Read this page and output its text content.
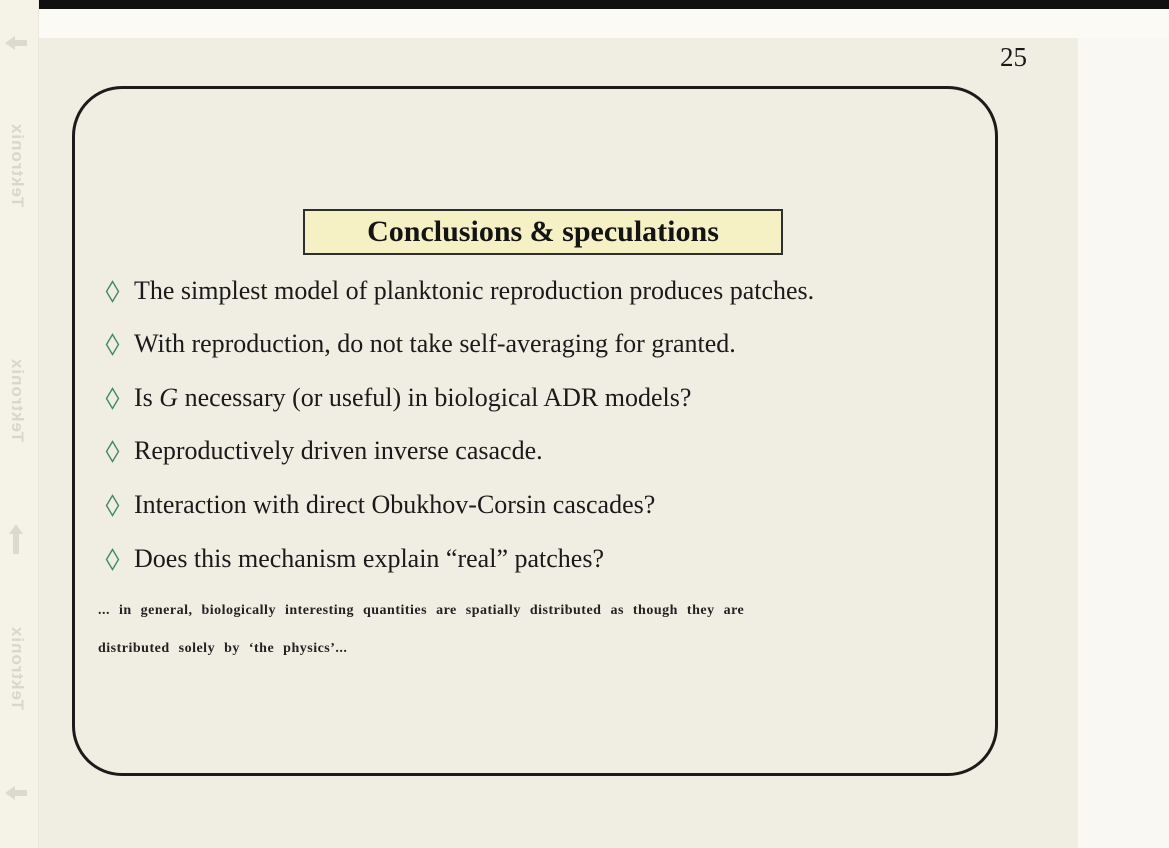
Tektronix
Tektronix
Tektronix
25
Conclusions & speculations
The simplest model of planktonic reproduction produces patches.
With reproduction, do not take self-averaging for granted.
Is G necessary (or useful) in biological ADR models?
Reproductively driven inverse casacde.
Interaction with direct Obukhov-Corsin cascades?
Does this mechanism explain “real” patches?
... in general, biologically interesting quantities are spatially distributed as though they are
distributed solely by ‘the physics’...
